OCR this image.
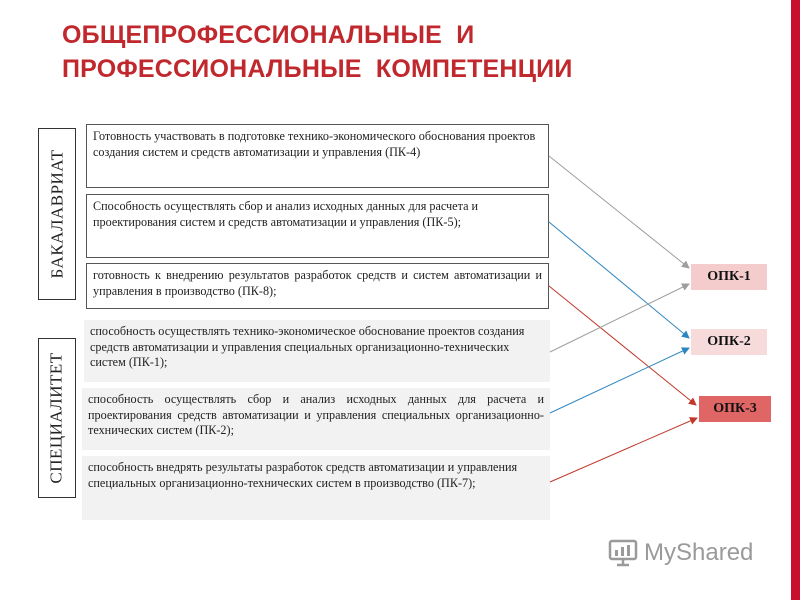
ОБЩЕПРОФЕССИОНАЛЬНЫЕ  И
ПРОФЕССИОНАЛЬНЫЕ  КОМПЕТЕНЦИИ
БАКАЛАВРИАТ
СПЕЦИАЛИТЕТ
Готовность участвовать в подготовке технико-экономического обоснования проектов создания систем и средств автоматизации и управления (ПК-4)
Способность осуществлять сбор и анализ исходных данных для расчета и проектирования систем и средств автоматизации и управления (ПК-5);
готовность к внедрению результатов разработок средств и систем автоматизации и управления в производство (ПК-8);
способность осуществлять технико-экономическое обоснование проектов создания средств автоматизации и управления специальных организационно-технических систем (ПК-1);
способность осуществлять сбор и анализ исходных данных для расчета и проектирования средств автоматизации и управления специальных организационно-технических систем (ПК-2);
способность внедрять результаты разработок средств автоматизации и управления специальных организационно-технических систем в производство (ПК-7);
ОПК-1
ОПК-2
ОПК-3
MyShared
